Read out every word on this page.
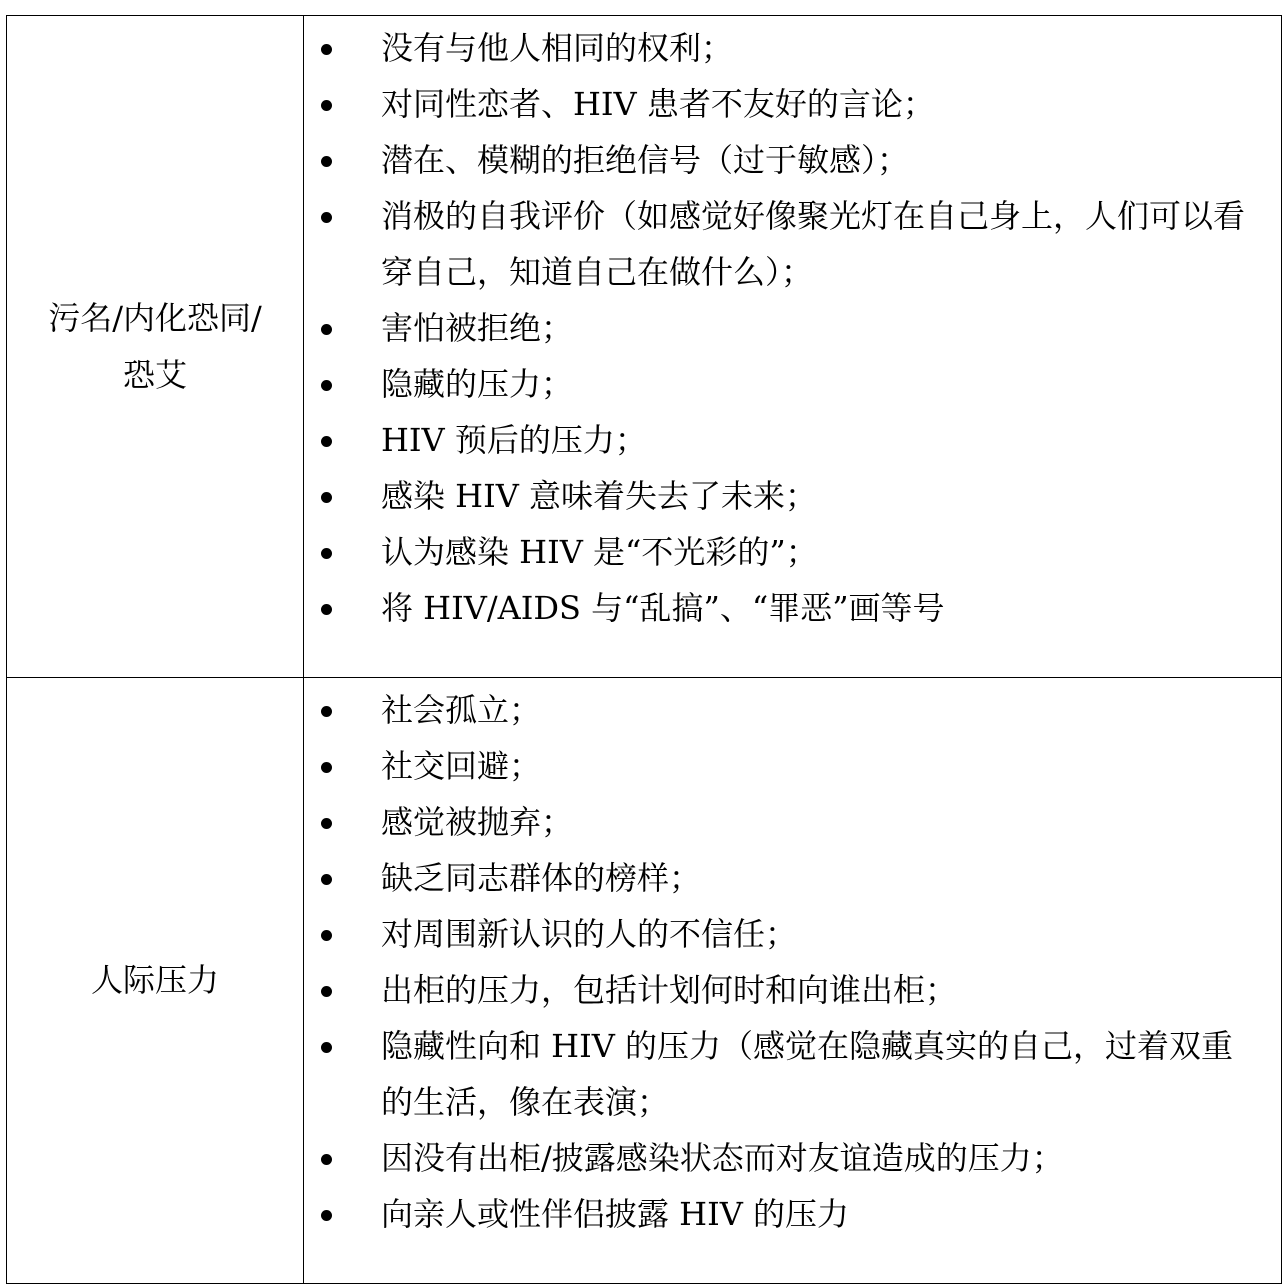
污名/内化恐同/
恐艾
没有与他人相同的权利；
对同性恋者、HIV 患者不友好的言论；
潜在、模糊的拒绝信号（过于敏感）；
消极的自我评价（如感觉好像聚光灯在自己身上，人们可以看穿自己，知道自己在做什么）；
害怕被拒绝；
隐藏的压力；
HIV 预后的压力；
感染 HIV 意味着失去了未来；
认为感染 HIV 是“不光彩的”；
将 HIV/AIDS 与“乱搞”、“罪恶”画等号
人际压力
社会孤立；
社交回避；
感觉被抛弃；
缺乏同志群体的榜样；
对周围新认识的人的不信任；
出柜的压力，包括计划何时和向谁出柜；
隐藏性向和 HIV 的压力（感觉在隐藏真实的自己，过着双重的生活，像在表演；
因没有出柜/披露感染状态而对友谊造成的压力；
向亲人或性伴侣披露 HIV 的压力
